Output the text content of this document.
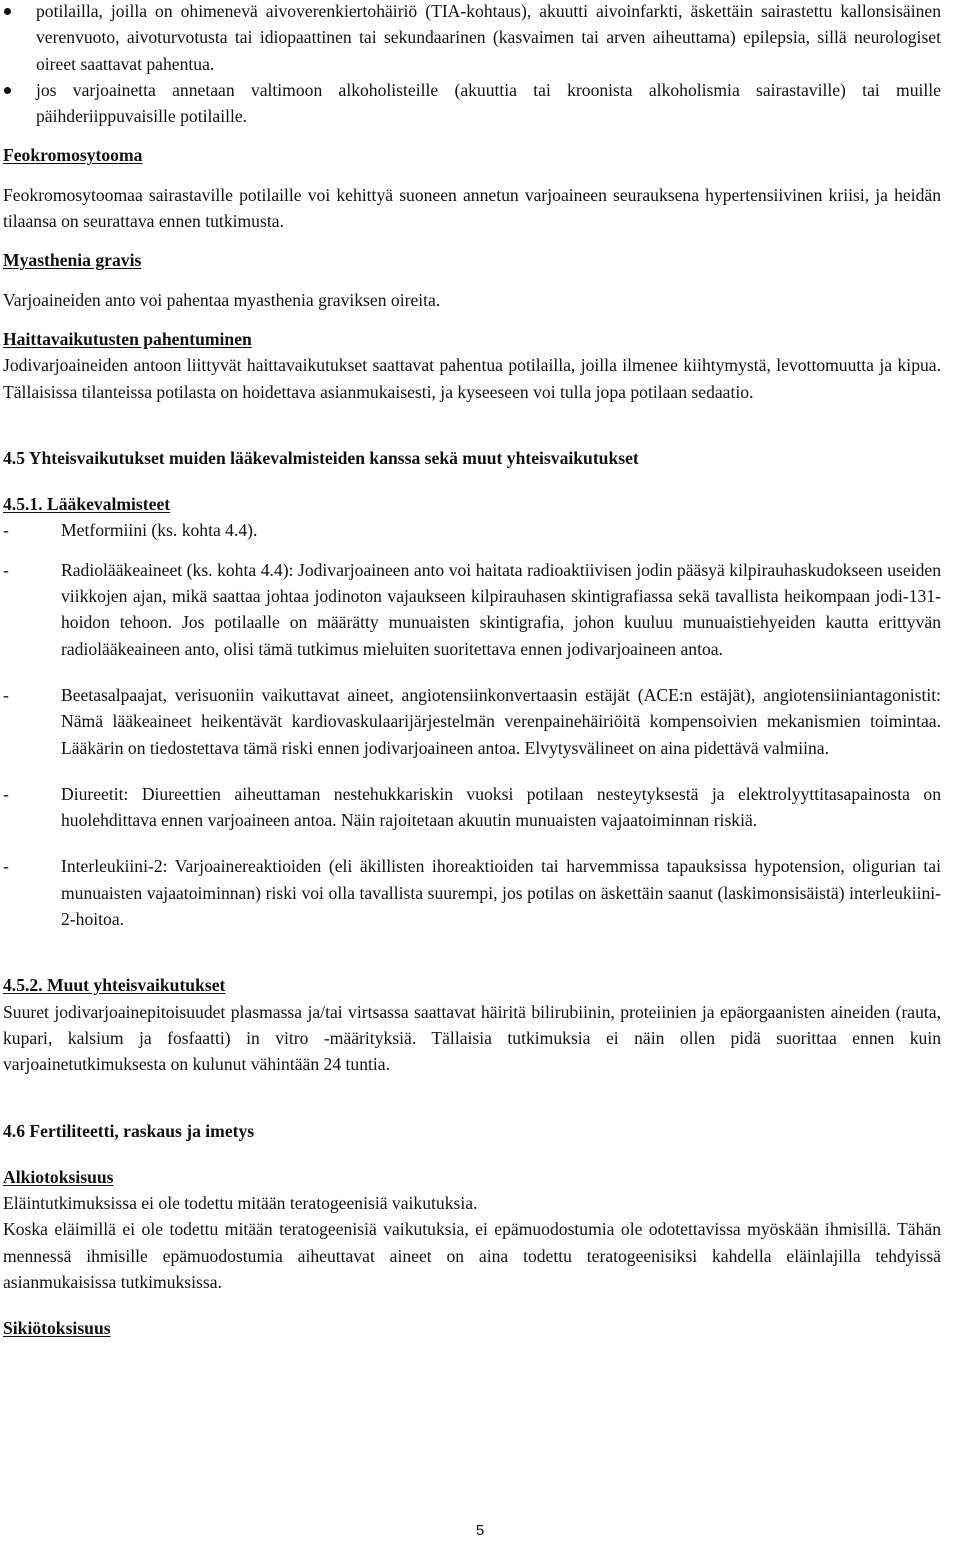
potilailla, joilla on ohimenevä aivoverenkiertohäiriö (TIA-kohtaus), akuutti aivoinfarkti, äskettäin sairastettu kallonsisäinen verenvuoto, aivoturvotusta tai idiopaattinen tai sekundaarinen (kasvaimen tai arven aiheuttama) epilepsia, sillä neurologiset oireet saattavat pahentua.
jos varjoainetta annetaan valtimoon alkoholisteille (akuuttia tai kroonista alkoholismia sairastaville) tai muille päihderiippuvaisille potilaille.

Feokromosytooma

Feokromosytoomaa sairastaville potilaille voi kehittyä suoneen annetun varjoaineen seurauksena hypertensiivinen kriisi, ja heidän tilaansa on seurattava ennen tutkimusta.

Myasthenia gravis

Varjoaineiden anto voi pahentaa myasthenia graviksen oireita.

Haittavaikutusten pahentuminen

Jodivarjoaineiden antoon liittyvät haittavaikutukset saattavat pahentua potilailla, joilla ilmenee kiihtymystä, levottomuutta ja kipua. Tällaisissa tilanteissa potilasta on hoidettava asianmukaisesti, ja kyseeseen voi tulla jopa potilaan sedaatio.

4.5 Yhteisvaikutukset muiden lääkevalmisteiden kanssa sekä muut yhteisvaikutukset

4.5.1. Lääkevalmisteet

-	Metformiini (ks. kohta 4.4).
-	Radiolääkeaineet (ks. kohta 4.4): Jodivarjoaineen anto voi haitata radioaktiivisen jodin pääsyä kilpirauhaskudokseen useiden viikkojen ajan, mikä saattaa johtaa jodinoton vajaukseen kilpirauhasen skintigrafiassa sekä tavallista heikompaan jodi-131-hoidon tehoon. Jos potilaalle on määrätty munuaisten skintigrafia, johon kuuluu munuaistiehyeiden kautta erittyvän radiolääkeaineen anto, olisi tämä tutkimus mieluiten suoritettava ennen jodivarjoaineen antoa.
-	Beetasalpaajat, verisuoniin vaikuttavat aineet, angiotensiinkonvertaasin estäjät (ACE:n estäjät), angiotensiiniantagonistit: Nämä lääkeaineet heikentävät kardiovaskulaarijärjestelmän verenpainehäiriöitä kompensoivien mekanismien toimintaa. Lääkärin on tiedostettava tämä riski ennen jodivarjoaineen antoa. Elvytysvälineet on aina pidettävä valmiina.
-	Diureetit: Diureettien aiheuttaman nestehukkariskin vuoksi potilaan nesteytyksestä ja elektrolyyttitasapainosta on huolehdittava ennen varjoaineen antoa. Näin rajoitetaan akuutin munuaisten vajaatoiminnan riskiä.
-	Interleukiini-2: Varjoainereaktioiden (eli äkillisten ihoreaktioiden tai harvemmissa tapauksissa hypotension, oligurian tai munuaisten vajaatoiminnan) riski voi olla tavallista suurempi, jos potilas on äskettäin saanut (laskimonsisäistä) interleukiini-2-hoitoa.

4.5.2. Muut yhteisvaikutukset

Suuret jodivarjoainepitoisuudet plasmassa ja/tai virtsassa saattavat häiritä bilirubiinin, proteiinien ja epäorgaanisten aineiden (rauta, kupari, kalsium ja fosfaatti) in vitro -määrityksiä. Tällaisia tutkimuksia ei näin ollen pidä suorittaa ennen kuin varjoainetutkimuksesta on kulunut vähintään 24 tuntia.

4.6 Fertiliteetti, raskaus ja imetys

Alkiotoksisuus

Eläintutkimuksissa ei ole todettu mitään teratogeenisiä vaikutuksia.

Koska eläimillä ei ole todettu mitään teratogeenisiä vaikutuksia, ei epämuodostumia ole odotettavissa myöskään ihmisillä. Tähän mennessä ihmisille epämuodostumia aiheuttavat aineet on aina todettu teratogeenisiksi kahdella eläinlajilla tehdyissä asianmukaisissa tutkimuksissa.

Sikiötoksisuus

5
